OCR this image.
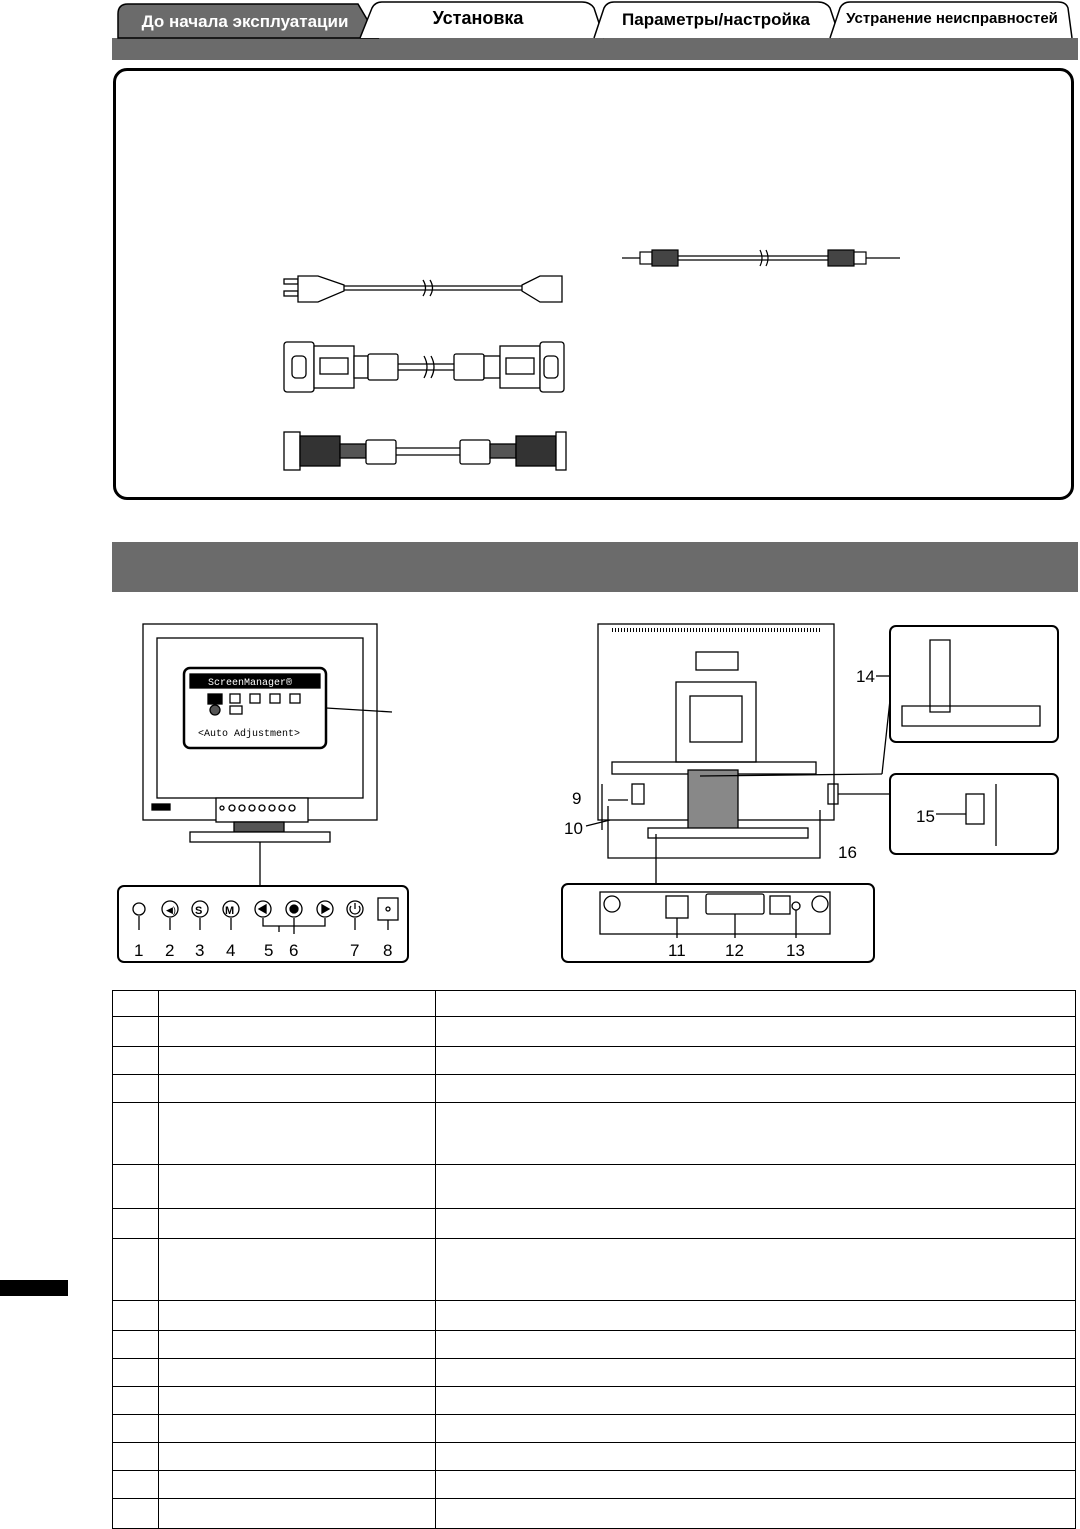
До начала эксплуатации	Установка	Параметры/настройка	Устранение неисправностей
◀) S M
1 2 3 4 5 6	7 8
9
10
11 12 13
14
15
16
ScreenManager®
<Auto Adjustment>
